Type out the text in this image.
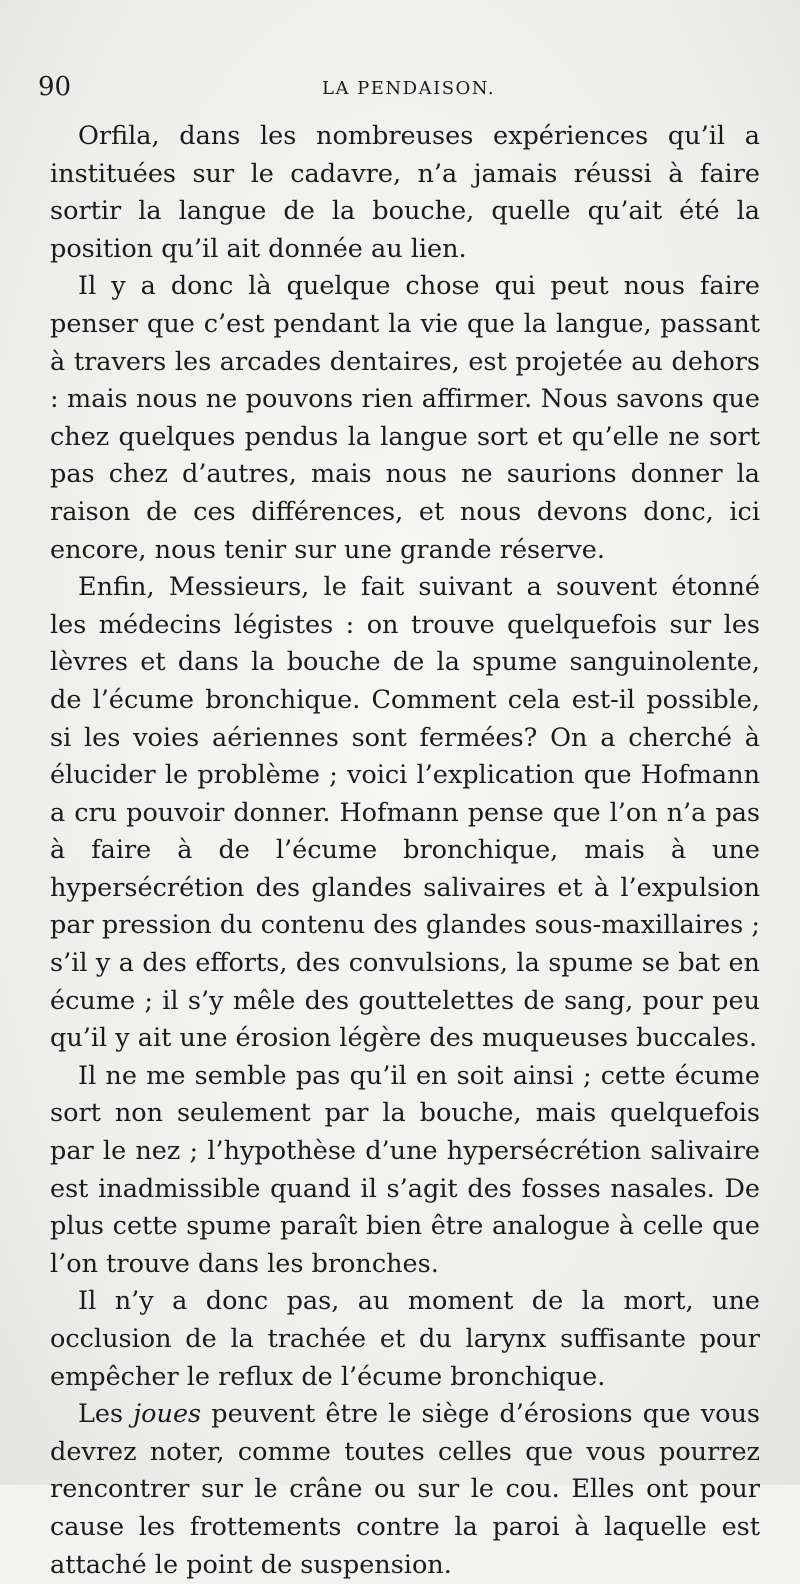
90	LA PENDAISON.

Orfila, dans les nombreuses expériences qu’il a instituées sur le cadavre, n’a jamais réussi à faire sortir la langue de la bouche, quelle qu’ait été la position qu’il ait donnée au lien.

Il y a donc là quelque chose qui peut nous faire penser que c’est pendant la vie que la langue, passant à travers les arcades dentaires, est projetée au dehors : mais nous ne pouvons rien affirmer. Nous savons que chez quelques pendus la langue sort et qu’elle ne sort pas chez d’autres, mais nous ne saurions donner la raison de ces différences, et nous devons donc, ici encore, nous tenir sur une grande réserve.

Enfin, Messieurs, le fait suivant a souvent étonné les médecins légistes : on trouve quelquefois sur les lèvres et dans la bouche de la spume sanguinolente, de l’écume bronchique. Comment cela est-il possible, si les voies aériennes sont fermées? On a cherché à élucider le problème ; voici l’explication que Hofmann a cru pouvoir donner. Hofmann pense que l’on n’a pas à faire à de l’écume bronchique, mais à une hypersécrétion des glandes salivaires et à l’expulsion par pression du contenu des glandes sous-maxillaires ; s’il y a des efforts, des convulsions, la spume se bat en écume ; il s’y mêle des gouttelettes de sang, pour peu qu’il y ait une érosion légère des muqueuses buccales.

Il ne me semble pas qu’il en soit ainsi ; cette écume sort non seulement par la bouche, mais quelquefois par le nez ; l’hypothèse d’une hypersécrétion salivaire est inadmissible quand il s’agit des fosses nasales. De plus cette spume paraît bien être analogue à celle que l’on trouve dans les bronches.

Il n’y a donc pas, au moment de la mort, une occlusion de la trachée et du larynx suffisante pour empêcher le reflux de l’écume bronchique.

Les joues peuvent être le siège d’érosions que vous devrez noter, comme toutes celles que vous pourrez rencontrer sur le crâne ou sur le cou. Elles ont pour cause les frottements contre la paroi à laquelle est attaché le point de suspension.
